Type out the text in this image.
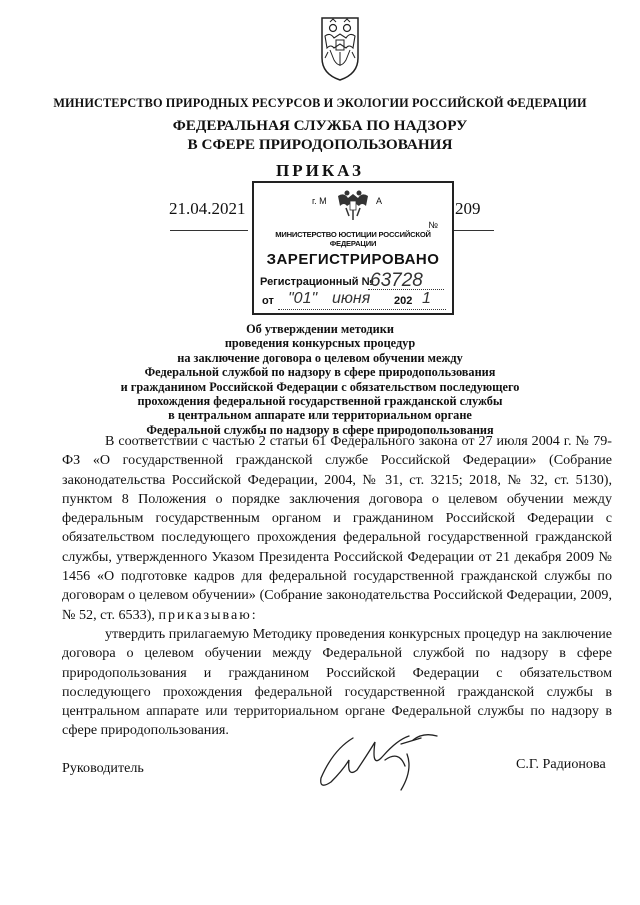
МИНИСТЕРСТВО ПРИРОДНЫХ РЕСУРСОВ И ЭКОЛОГИИ РОССИЙСКОЙ ФЕДЕРАЦИИ
ФЕДЕРАЛЬНАЯ СЛУЖБА ПО НАДЗОРУ
В СФЕРЕ ПРИРОДОПОЛЬЗОВАНИЯ
ПРИКАЗ
21.04.2021	209
г. М	А
№
МИНИСТЕРСТВО ЮСТИЦИИ РОССИЙСКОЙ ФЕДЕРАЦИИ
ЗАРЕГИСТРИРОВАНО
Регистрационный №
63728
от "01" июня 202 1
Об утверждении методики
проведения конкурсных процедур
на заключение договора о целевом обучении между
Федеральной службой по надзору в сфере природопользования
и гражданином Российской Федерации с обязательством последующего
прохождения федеральной государственной гражданской службы
в центральном аппарате или территориальном органе
Федеральной службы по надзору в сфере природопользования

В соответствии с частью 2 статьи 61 Федерального закона от 27 июля 2004 г. № 79-ФЗ «О государственной гражданской службе Российской Федерации» (Собрание законодательства Российской Федерации, 2004, № 31, ст. 3215; 2018, № 32, ст. 5130), пунктом 8 Положения о порядке заключения договора о целевом обучении между федеральным государственным органом и гражданином Российской Федерации с обязательством последующего прохождения федеральной государственной гражданской службы, утвержденного Указом Президента Российской Федерации от 21 декабря 2009 № 1456 «О подготовке кадров для федеральной государственной гражданской службы по договорам о целевом обучении» (Собрание законодательства Российской Федерации, 2009, № 52, ст. 6533), приказываю:

утвердить прилагаемую Методику проведения конкурсных процедур на заключение договора о целевом обучении между Федеральной службой по надзору в сфере природопользования и гражданином Российской Федерации с обязательством последующего прохождения федеральной государственной гражданской службы в центральном аппарате или территориальном органе Федеральной службы по надзору в сфере природопользования.

Руководитель	С.Г. Радионова
